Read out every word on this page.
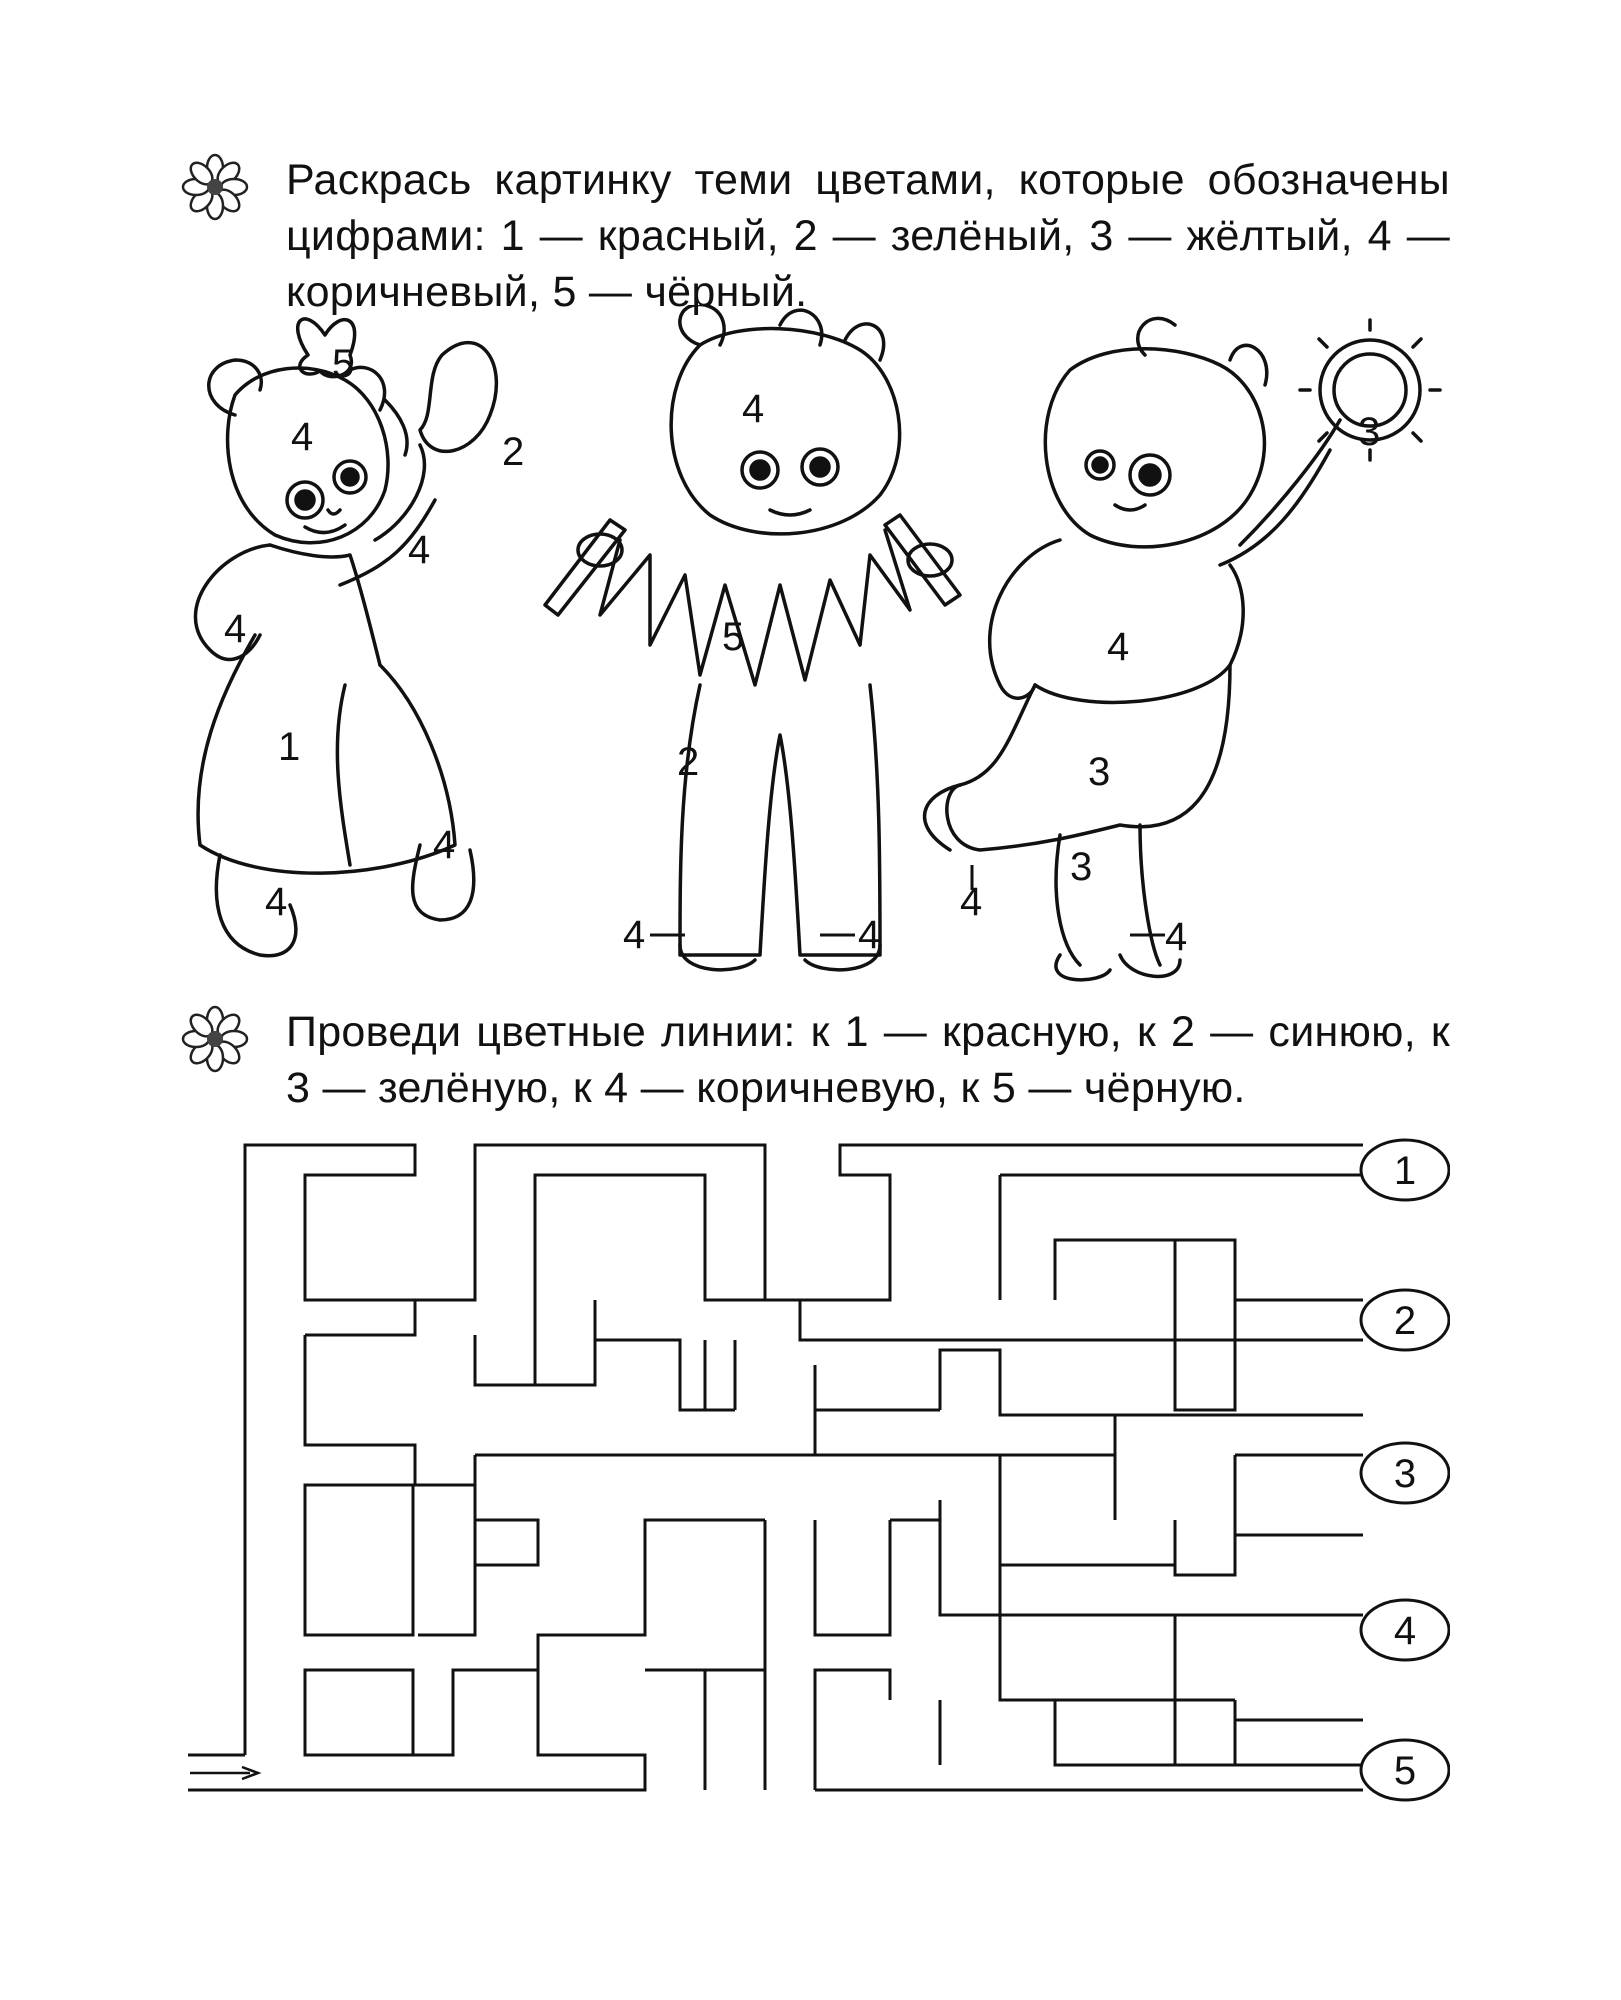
Раскрась картинку теми цветами, которые обозначены цифрами: 1 — красный, 2 — зелёный, 3 — жёлтый, 4 — коричневый, 5 — чёрный.

5
4	2
4
4
1
4
4
4
5
2
4	4
3
4
3
3
4
4

Проведи цветные линии: к 1 — красную, к 2 — синюю, к 3 — зелёную, к 4 — коричневую, к 5 — чёрную.

1
2
3
4
5
